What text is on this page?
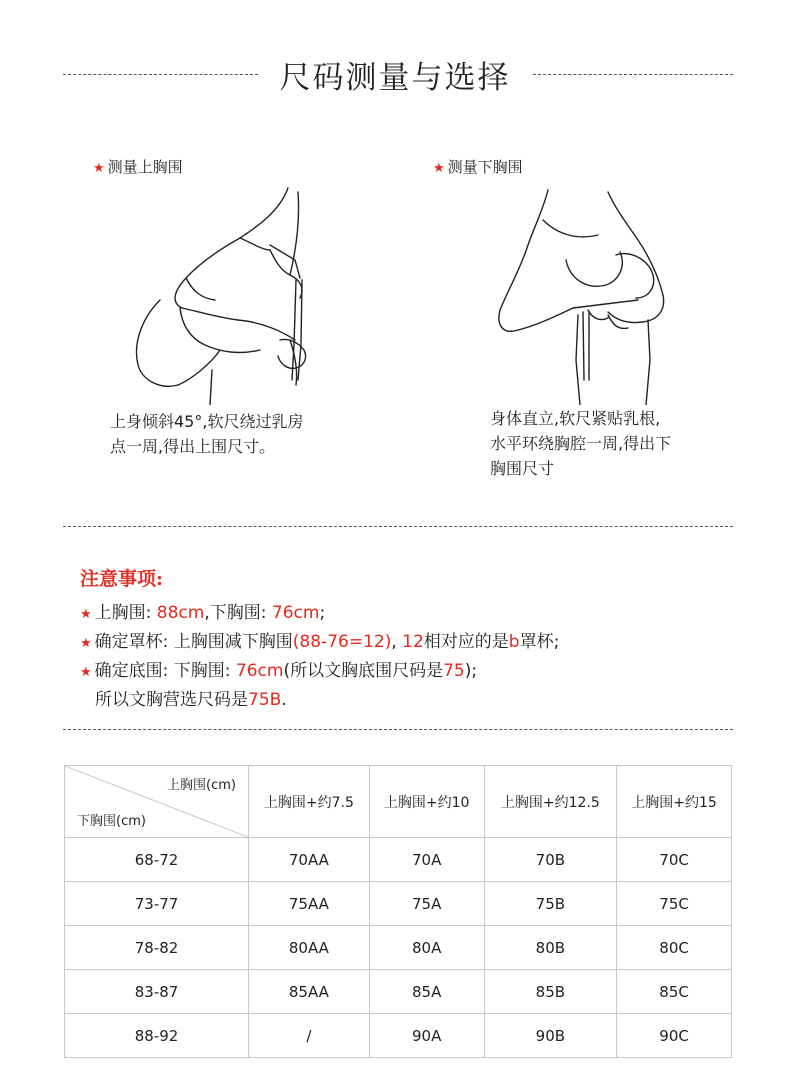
尺码测量与选择
★ 测量上胸围	★ 测量下胸围
上身倾斜45°,软尺绕过乳房
点一周,得出上围尺寸。
身体直立,软尺紧贴乳根,
水平环绕胸腔一周,得出下
胸围尺寸
注意事项:
★ 上胸围: 88cm,下胸围: 76cm;
★ 确定罩杯: 上胸围减下胸围(88-76=12), 12相对应的是b罩杯;
★ 确定底围: 下胸围: 76cm(所以文胸底围尺码是75);
所以文胸营选尺码是75B.
上胸围(cm)
下胸围(cm)	上胸围+约7.5	上胸围+约10	上胸围+约12.5	上胸围+约15
68-72	70AA	70A	70B	70C
73-77	75AA	75A	75B	75C
78-82	80AA	80A	80B	80C
83-87	85AA	85A	85B	85C
88-92	/	90A	90B	90C
